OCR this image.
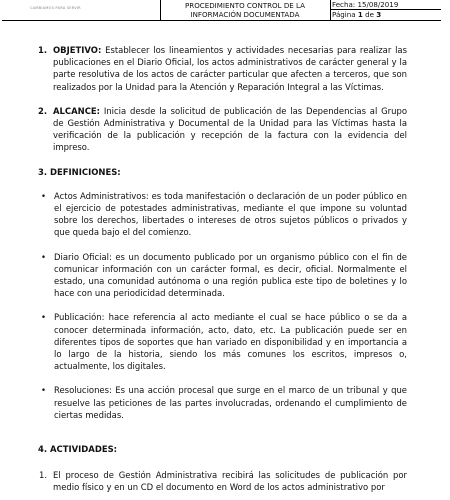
CAMBIAMOS PARA SERVIR	PROCEDIMIENTO CONTROL DE LA
INFORMACIÓN DOCUMENTADA
Fecha: 15/08/2019
Página 1 de 3
1. OBJETIVO: Establecer los lineamientos y actividades necesarias para realizar las publicaciones en el Diario Oficial, los actos administrativos de carácter general y la parte resolutiva de los actos de carácter particular que afecten a terceros, que son realizados por la Unidad para la Atención y Reparación Integral a las Víctimas.
2. ALCANCE: Inicia desde la solicitud de publicación de las Dependencias al Grupo de Gestión Administrativa y Documental de la Unidad para las Víctimas hasta la verificación de la publicación y recepción de la factura con la evidencia del impreso.
3. DEFINICIONES:
• Actos Administrativos: es toda manifestación o declaración de un poder público en el ejercicio de potestades administrativas, mediante el que impone su voluntad sobre los derechos, libertades o intereses de otros sujetos públicos o privados y que queda bajo el del comienzo.
• Diario Oficial: es un documento publicado por un organismo público con el fin de comunicar información con un carácter formal, es decir, oficial. Normalmente el estado, una comunidad autónoma o una región publica este tipo de boletines y lo hace con una periodicidad determinada.
• Publicación: hace referencia al acto mediante el cual se hace público o se da a conocer determinada información, acto, dato, etc. La publicación puede ser en diferentes tipos de soportes que han variado en disponibilidad y en importancia a lo largo de la historia, siendo los más comunes los escritos, impresos o, actualmente, los digitales.
• Resoluciones: Es una acción procesal que surge en el marco de un tribunal y que resuelve las peticiones de las partes involucradas, ordenando el cumplimiento de ciertas medidas.
4. ACTIVIDADES:
1. El proceso de Gestión Administrativa recibirá las solicitudes de publicación por medio físico y en un CD el documento en Word de los actos administrativo por
